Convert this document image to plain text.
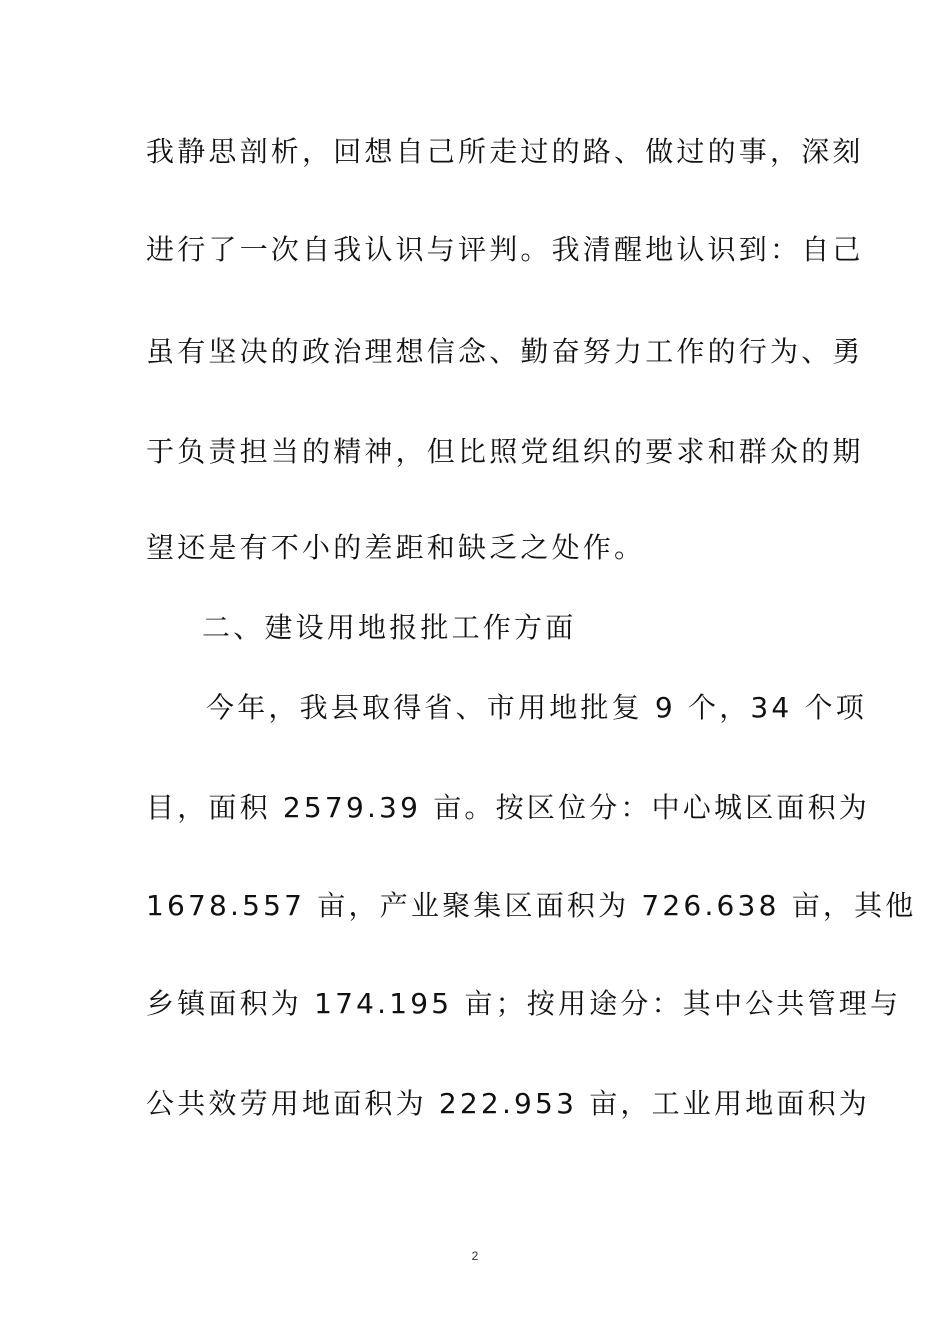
我静思剖析，回想自己所走过的路、做过的事，深刻
进行了一次自我认识与评判。我清醒地认识到：自己
虽有坚决的政治理想信念、勤奋努力工作的行为、勇
于负责担当的精神，但比照党组织的要求和群众的期
望还是有不小的差距和缺乏之处作。
二、建设用地报批工作方面
今年，我县取得省、市用地批复 9 个，34 个项
目，面积 2579.39 亩。按区位分：中心城区面积为
1678.557 亩，产业聚集区面积为 726.638 亩，其他
乡镇面积为 174.195 亩；按用途分：其中公共管理与
公共效劳用地面积为 222.953 亩，工业用地面积为
2
